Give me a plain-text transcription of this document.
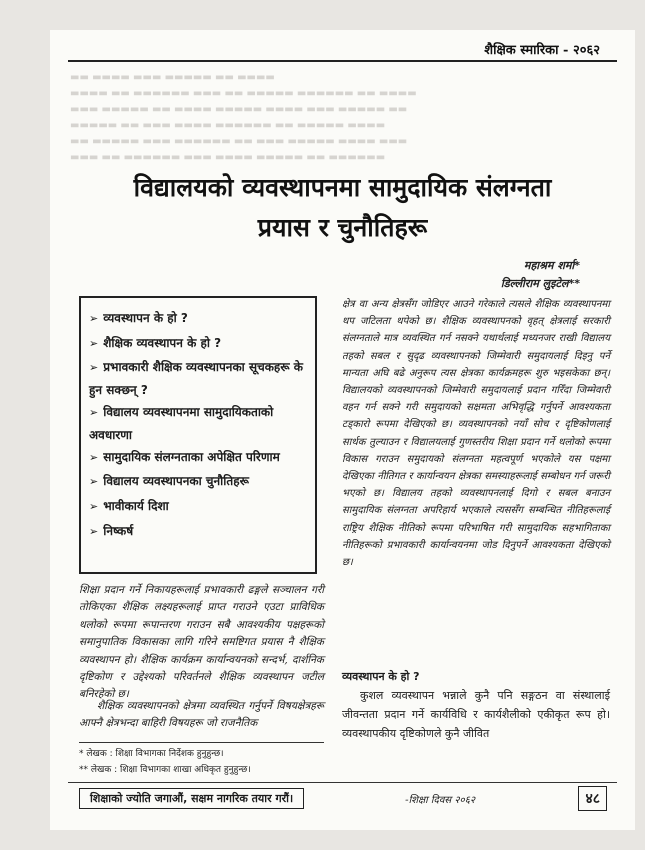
▬▬ ▬▬▬▬ ▬▬▬ ▬▬▬▬▬ ▬▬ ▬▬▬▬
▬▬▬▬ ▬▬ ▬▬▬▬▬▬ ▬▬▬ ▬▬ ▬▬▬▬▬ ▬▬▬▬▬▬ ▬▬ ▬▬▬▬
▬▬▬ ▬▬▬▬▬ ▬▬ ▬▬▬▬ ▬▬▬▬▬ ▬▬▬▬ ▬▬▬ ▬▬▬▬▬ ▬▬
▬▬▬▬▬ ▬▬ ▬▬▬ ▬▬▬▬ ▬▬▬▬▬▬ ▬▬ ▬▬▬▬▬ ▬▬▬▬
▬▬ ▬▬▬▬▬ ▬▬▬ ▬▬▬▬▬▬ ▬▬ ▬▬▬ ▬▬▬▬▬ ▬▬▬▬ ▬▬▬
▬▬▬ ▬▬ ▬▬▬▬▬▬ ▬▬▬ ▬▬▬▬ ▬▬▬▬▬ ▬▬ ▬▬▬▬▬▬
शैक्षिक स्मारिका - २०६२
विद्यालयको व्यवस्थापनमा सामुदायिक संलग्नता
प्रयास र चुनौतिहरू
महाश्रम शर्मा*
डिल्लीराम लुइटेल**
➢ व्यवस्थापन के हो ?
➢ शैक्षिक व्यवस्थापन के हो ?
➢ प्रभावकारी शैक्षिक व्यवस्थापनका सूचकहरू के हुन सक्छन् ?
➢ विद्यालय व्यवस्थापनमा सामुदायिकताको अवधारणा
➢ सामुदायिक संलग्नताका अपेक्षित परिणाम
➢ विद्यालय व्यवस्थापनका चुनौतिहरू
➢ भावीकार्य दिशा
➢ निष्कर्ष
शिक्षा प्रदान गर्ने निकायहरूलाई प्रभावकारी ढङ्गले सञ्चालन गरी तोकिएका शैक्षिक लक्ष्यहरूलाई प्राप्त गराउने एउटा प्राविधिक थलोको रूपमा रूपान्तरण गराउन सबै आवश्यकीय पक्षहरूको समानुपातिक विकासका लागि गरिने समष्टिगत प्रयास नै शैक्षिक व्यवस्थापन हो। शैक्षिक कार्यक्रम कार्यान्वयनको सन्दर्भ, दार्शनिक दृष्टिकोण र उद्देश्यको परिवर्तनले शैक्षिक व्यवस्थापन जटील बनिरहेको छ।
शैक्षिक व्यवस्थापनको क्षेत्रमा व्यवस्थित गर्नुपर्ने विषयक्षेत्रहरू आफ्नै क्षेत्रभन्दा बाहिरी विषयहरू जो राजनैतिक
* लेखक : शिक्षा विभागका निर्देशक हुनुहुन्छ।
** लेखक : शिक्षा विभागका शाखा अधिकृत हुनुहुन्छ।
क्षेत्र वा अन्य क्षेत्रसँग जोडिएर आउने गरेकाले त्यसले शैक्षिक व्यवस्थापनमा थप जटिलता थपेको छ। शैक्षिक व्यवस्थापनको वृहत् क्षेत्रलाई सरकारी संलग्नताले मात्र व्यवस्थित गर्न नसक्ने यथार्थलाई मध्यनजर राखी विद्यालय तहको सबल र सुदृढ व्यवस्थापनको जिम्मेवारी समुदायलाई दिइनु पर्ने मान्यता अघि बढे अनुरूप त्यस क्षेत्रका कार्यक्रमहरू शुरु भइसकेका छन्। विद्यालयको व्यवस्थापनको जिम्मेवारी समुदायलाई प्रदान गरिँदा जिम्मेवारी वहन गर्न सक्ने गरी समुदायको सक्षमता अभिवृद्धि गर्नुपर्ने आवश्यकता टड्कारो रूपमा देखिएको छ। व्यवस्थापनको नयाँ सोच र दृष्टिकोणलाई सार्थक तुल्याउन र विद्यालयलाई गुणस्तरीय शिक्षा प्रदान गर्ने थलोको रूपमा विकास गराउन समुदायको संलग्नता महत्वपूर्ण भएकोले यस पक्षमा देखिएका नीतिगत र कार्यान्वयन क्षेत्रका समस्याहरूलाई सम्बोधन गर्न जरूरी भएको छ। विद्यालय तहको व्यवस्थापनलाई दिगो र सबल बनाउन सामुदायिक संलग्नता अपरिहार्य भएकाले त्यससँग सम्बन्धित नीतिहरूलाई राष्ट्रिय शैक्षिक नीतिको रूपमा परिभाषित गरी सामुदायिक सहभागिताका नीतिहरूको प्रभावकारी कार्यान्वयनमा जोड दिनुपर्ने आवश्यकता देखिएको छ।
व्यवस्थापन के हो ?
कुशल व्यवस्थापन भन्नाले कुनै पनि सङ्गठन वा संस्थालाई जीवन्तता प्रदान गर्ने कार्यविधि र कार्यशैलीको एकीकृत रूप हो। व्यवस्थापकीय दृष्टिकोणले कुनै जीवित
शिक्षाको ज्योति जगाऔं, सक्षम नागरिक तयार गरौं।	-शिक्षा दिवस २०६२	४८
